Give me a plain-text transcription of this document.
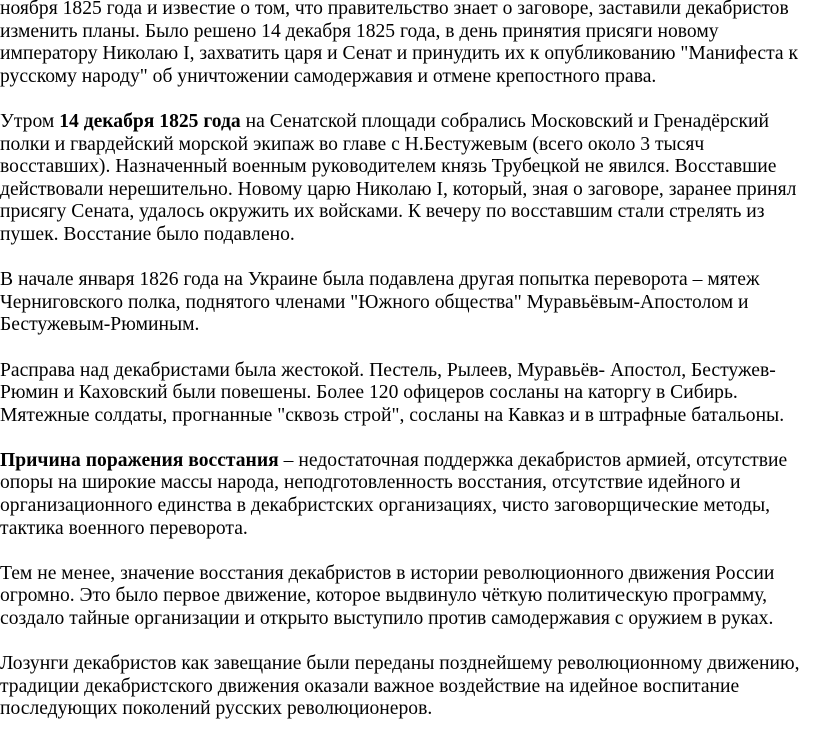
ноября 1825 года и известие о том, что правительство знает о заговоре, заставили декабристов изменить планы. Было решено 14 декабря 1825 года, в день принятия присяги новому императору Николаю I, захватить царя и Сенат и принудить их к опубликованию "Манифеста к русскому народу" об уничтожении самодержавия и отмене крепостного права.

Утром 14 декабря 1825 года на Сенатской площади собрались Московский и Гренадёрский полки и гвардейский морской экипаж во главе с Н.Бестужевым (всего около 3 тысяч восставших). Назначенный военным руководителем князь Трубецкой не явился. Восставшие действовали нерешительно. Новому царю Николаю I, который, зная о заговоре, заранее принял присягу Сената, удалось окружить их войсками. К вечеру по восставшим стали стрелять из пушек. Восстание было подавлено.

В начале января 1826 года на Украине была подавлена другая попытка переворота – мятеж Черниговского полка, поднятого членами "Южного общества" Муравьёвым-Апостолом и Бестужевым-Рюминым.

Расправа над декабристами была жестокой. Пестель, Рылеев, Муравьёв- Апостол, Бестужев-Рюмин и Каховский были повешены. Более 120 офицеров сосланы на каторгу в Сибирь. Мятежные солдаты, прогнанные "сквозь строй", сосланы на Кавказ и в штрафные батальоны.

Причина поражения восстания – недостаточная поддержка декабристов армией, отсутствие опоры на широкие массы народа, неподготовленность восстания, отсутствие идейного и организационного единства в декабристских организациях, чисто заговорщические методы, тактика военного переворота.

Тем не менее, значение восстания декабристов в истории революционного движения России огромно. Это было первое движение, которое выдвинуло чёткую политическую программу, создало тайные организации и открыто выступило против самодержавия с оружием в руках.

Лозунги декабристов как завещание были переданы позднейшему революционному движению, традиции декабристского движения оказали важное воздействие на идейное воспитание последующих поколений русских революционеров.
